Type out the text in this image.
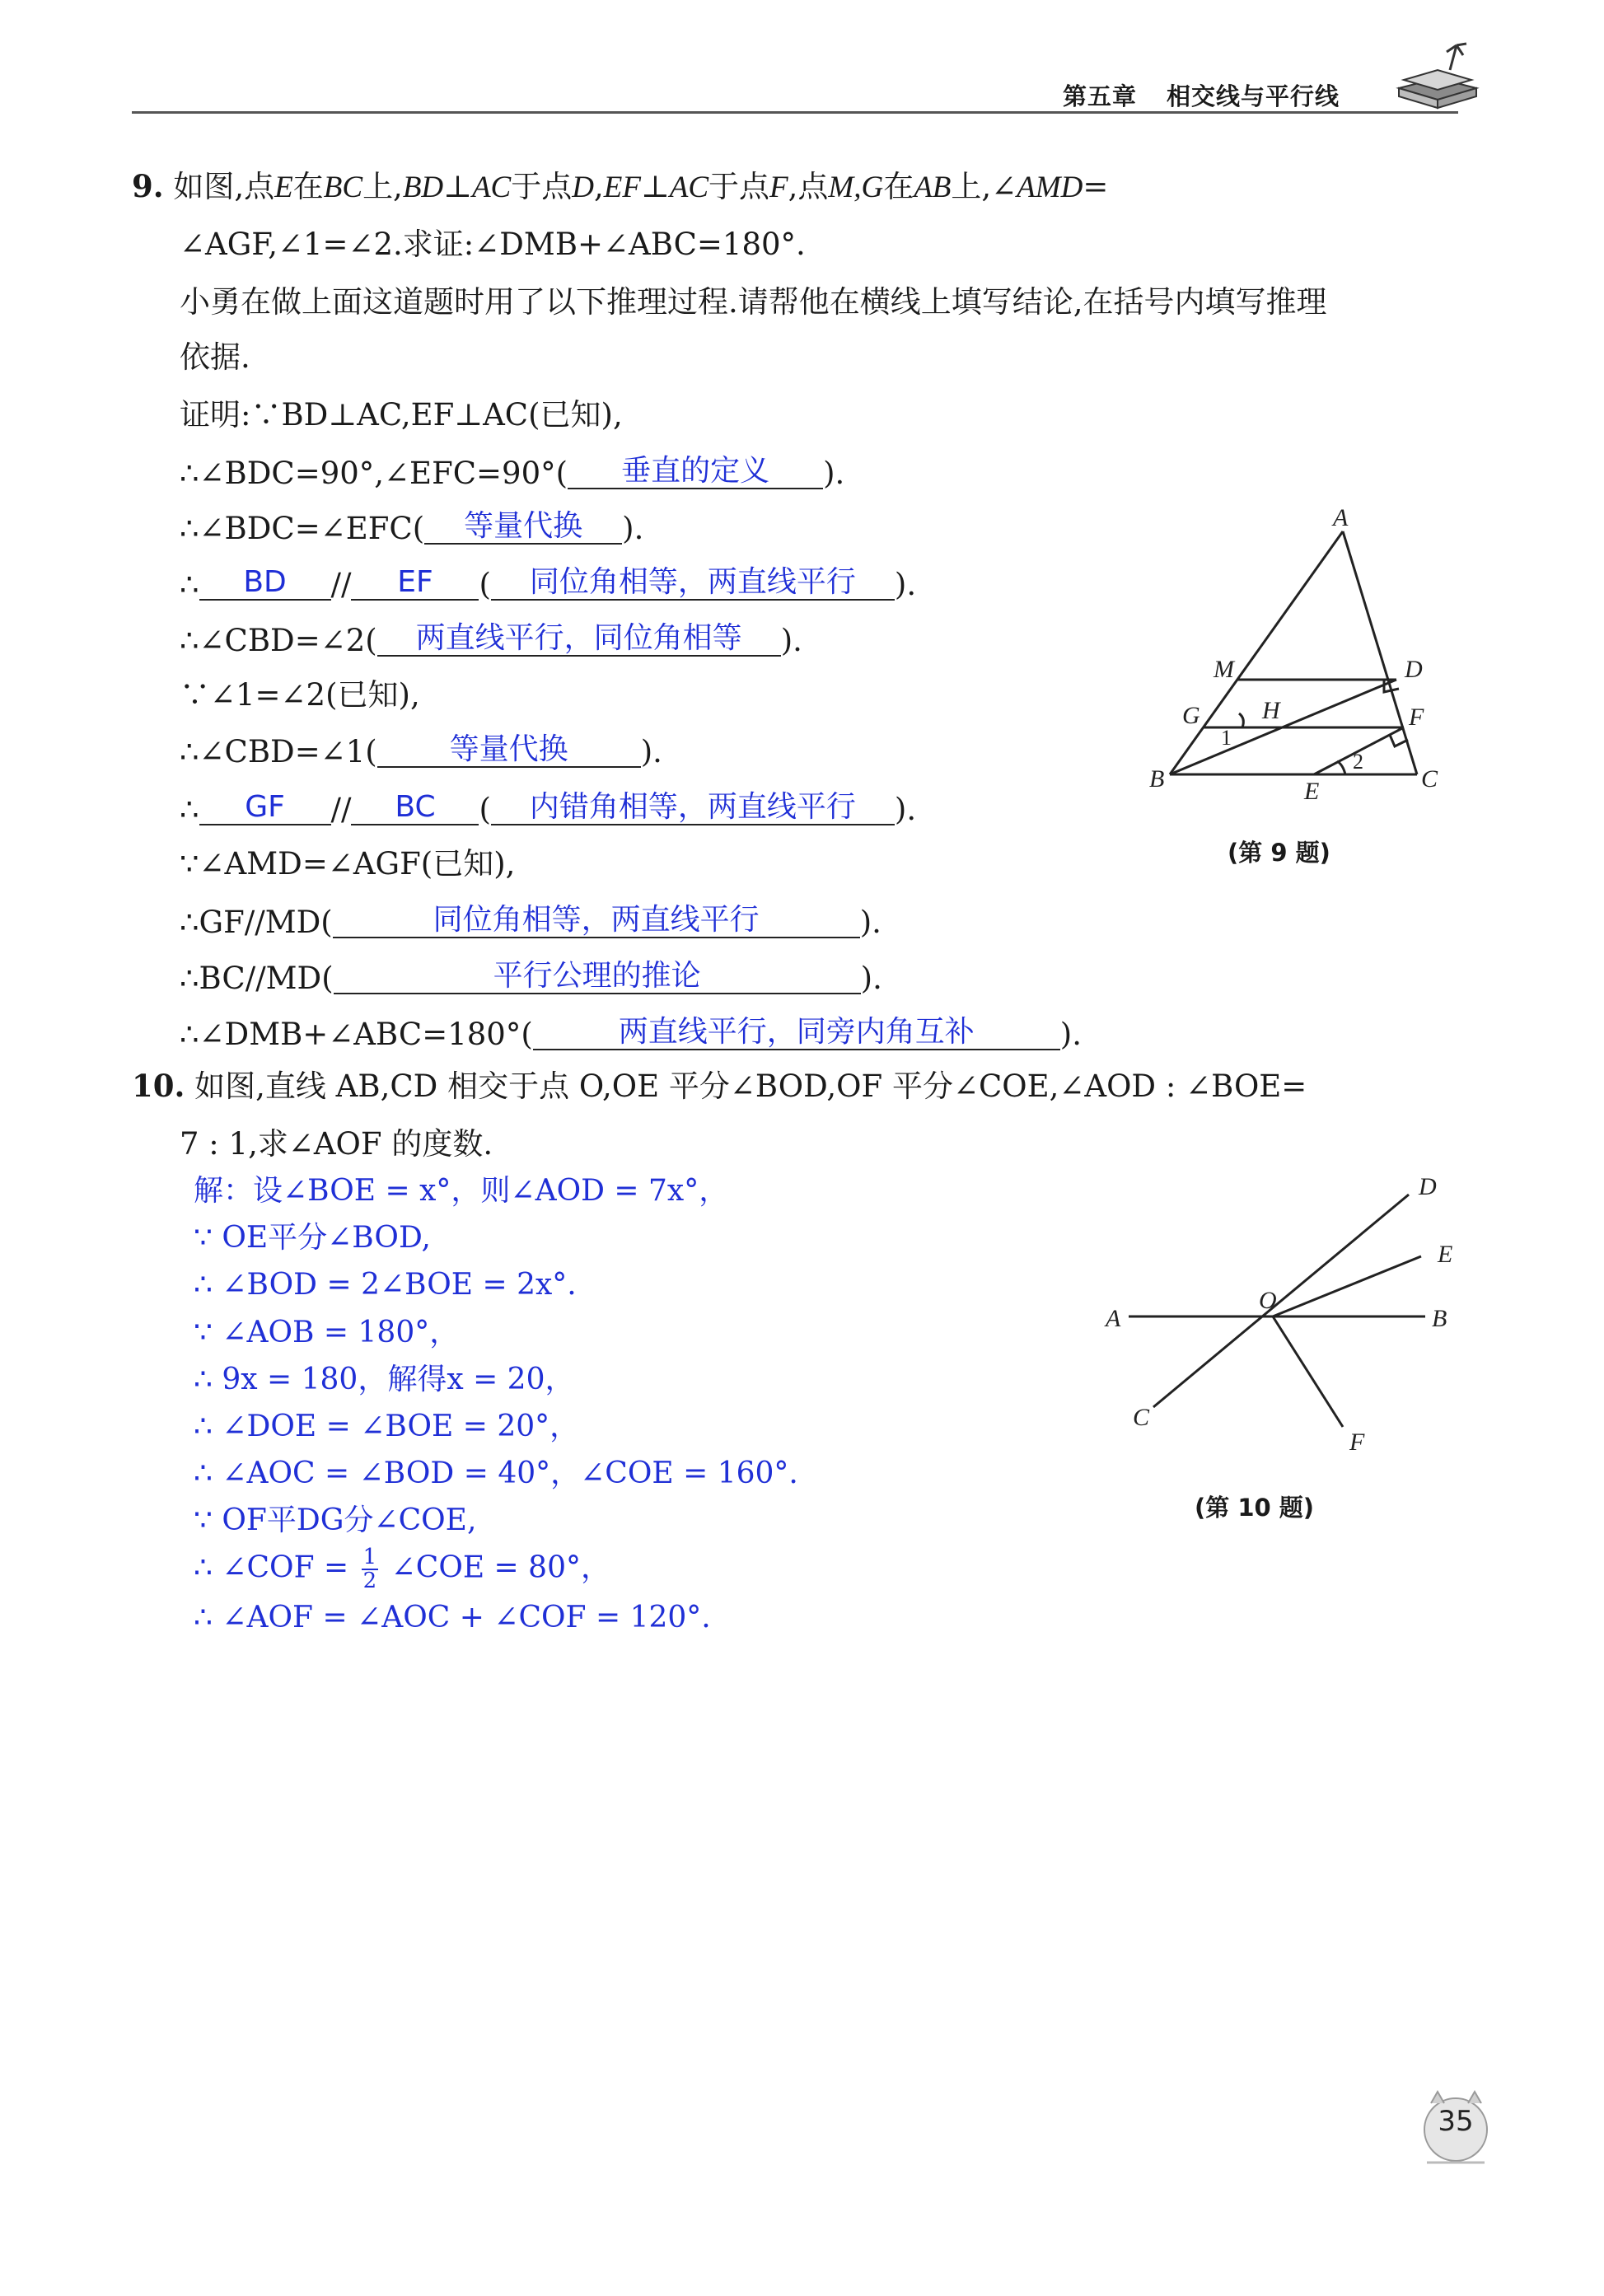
第五章 相交线与平行线
9. 如图,点E在BC上,BD⊥AC于点D,EF⊥AC于点F,点M,G在AB上,∠AMD=
∠AGF,∠1=∠2.求证:∠DMB+∠ABC=180°.
小勇在做上面这道题时用了以下推理过程.请帮他在横线上填写结论,在括号内填写推理
依据.
证明:∵BD⊥AC,EF⊥AC(已知),
∴∠BDC=90°,∠EFC=90°( 垂直的定义 ).
∴∠BDC=∠EFC( 等量代换 ).
∴ BD // EF ( 同位角相等，两直线平行 ).
∴∠CBD=∠2( 两直线平行，同位角相等 ).
∵∠1=∠2(已知),
∴∠CBD=∠1( 等量代换 ).
∴ GF // BC ( 内错角相等，两直线平行 ).
∵∠AMD=∠AGF(已知),
∴GF//MD(	同位角相等，两直线平行	).
∴BC//MD(	平行公理的推论	).
∴∠DMB+∠ABC=180°(	两直线平行，同旁内角互补	).
A
M	D
G	H	F
B	E	C
1
2
(第 9 题)
10. 如图,直线 AB,CD 相交于点 O,OE 平分∠BOD,OF 平分∠COE,∠AOD : ∠BOE=
7 : 1,求∠AOF 的度数.
解：设∠BOE = x°，则∠AOD = 7x°，
∵ OE平分∠BOD,
∴ ∠BOD = 2∠BOE = 2x°.
∵ ∠AOB = 180°，
∴ 9x = 180，解得x = 20，
∴ ∠DOE = ∠BOE = 20°，
∴ ∠AOC = ∠BOD = 40°，∠COE = 160°.
∵ OF平DG分∠COE,
∴ ∠COF = $\frac{1}{2}$ ∠COE = 80°，
∴ ∠AOF = ∠AOC + ∠COF = 120°.
A	B
C
D
E
F
O
(第 10 题)
35
